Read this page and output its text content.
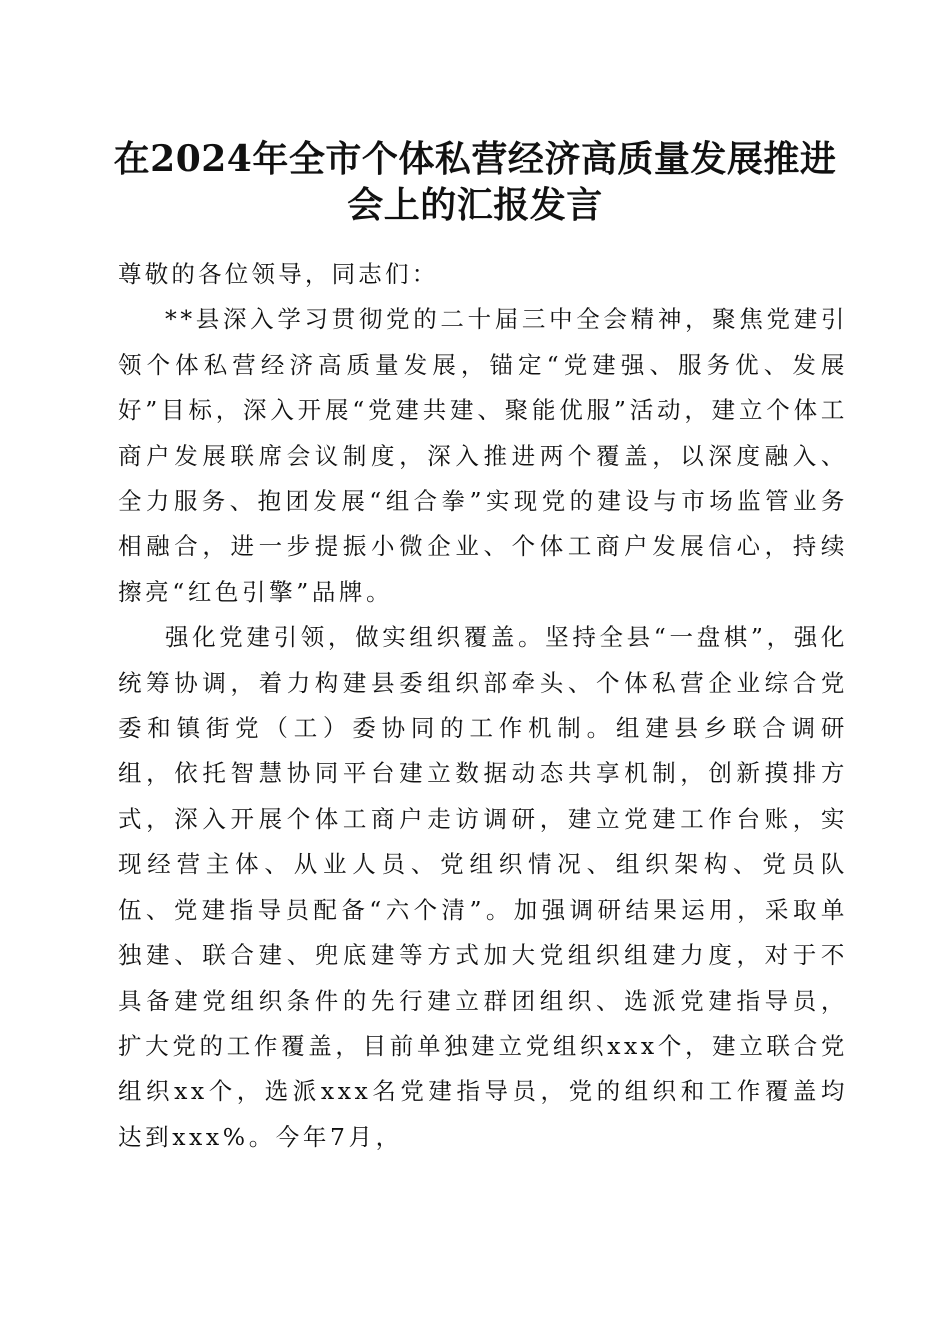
在2024年全市个体私营经济高质量发展推进
会上的汇报发言

尊敬的各位领导，同志们：

**县深入学习贯彻党的二十届三中全会精神，聚焦党建引领个体私营经济高质量发展，锚定“党建强、服务优、发展好”目标，深入开展“党建共建、聚能优服”活动，建立个体工商户发展联席会议制度，深入推进两个覆盖，以深度融入、全力服务、抱团发展“组合拳”实现党的建设与市场监管业务相融合，进一步提振小微企业、个体工商户发展信心，持续擦亮“红色引擎”品牌。

强化党建引领，做实组织覆盖。坚持全县“一盘棋”，强化统筹协调，着力构建县委组织部牵头、个体私营企业综合党委和镇街党（工）委协同的工作机制。组建县乡联合调研组，依托智慧协同平台建立数据动态共享机制，创新摸排方式，深入开展个体工商户走访调研，建立党建工作台账，实现经营主体、从业人员、党组织情况、组织架构、党员队伍、党建指导员配备“六个清”。加强调研结果运用，采取单独建、联合建、兜底建等方式加大党组织组建力度，对于不具备建党组织条件的先行建立群团组织、选派党建指导员，扩大党的工作覆盖，目前单独建立党组织xxx个，建立联合党组织xx个，选派xxx名党建指导员，党的组织和工作覆盖均达到xxx%。今年7月，
